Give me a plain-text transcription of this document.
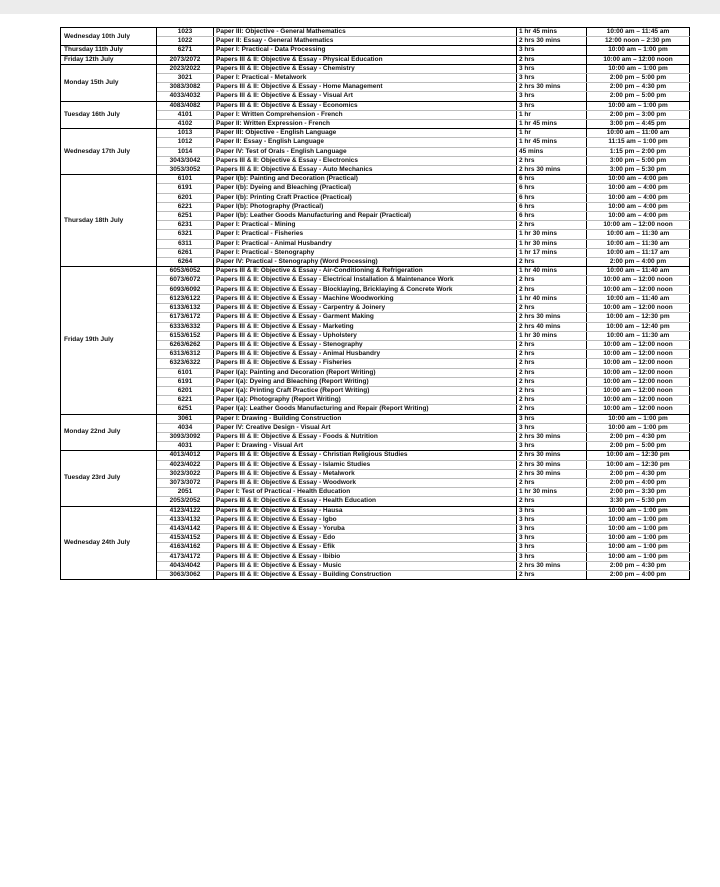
Wednesday 10th July	1023	Paper III: Objective - General Mathematics	1 hr 45 mins	10:00 am – 11:45 am
	1022	Paper II: Essay - General Mathematics	2 hrs 30 mins	12:00 noon – 2:30 pm
Thursday 11th July	6271	Paper I: Practical - Data Processing	3 hrs	10:00 am – 1:00 pm
Friday 12th July	2073/2072	Papers III & II: Objective & Essay - Physical Education	2 hrs	10:00 am – 12:00 noon
Monday 15th July	2023/2022	Papers III & II: Objective & Essay - Chemistry	3 hrs	10:00 am – 1:00 pm
	3021	Paper I: Practical - Metalwork	3 hrs	2:00 pm – 5:00 pm
	3083/3082	Papers III & II: Objective & Essay - Home Management	2 hrs 30 mins	2:00 pm – 4:30 pm
	4033/4032	Papers III & II: Objective & Essay - Visual Art	3 hrs	2:00 pm – 5:00 pm
Tuesday 16th July	4083/4082	Papers III & II: Objective & Essay - Economics	3 hrs	10:00 am – 1:00 pm
	4101	Paper I: Written Comprehension - French	1 hr	2:00 pm – 3:00 pm
	4102	Paper II: Written Expression - French	1 hr 45 mins	3:00 pm – 4:45 pm
Wednesday 17th July	1013	Paper III: Objective - English Language	1 hr	10:00 am – 11:00 am
	1012	Paper II: Essay - English Language	1 hr 45 mins	11:15 am – 1:00 pm
	1014	Paper IV: Test of Orals - English Language	45 mins	1:15 pm – 2:00 pm
	3043/3042	Papers III & II: Objective & Essay - Electronics	2 hrs	3:00 pm – 5:00 pm
	3053/3052	Papers III & II: Objective & Essay - Auto Mechanics	2 hrs 30 mins	3:00 pm – 5:30 pm
Thursday 18th July	6101	Paper I(b): Painting and Decoration (Practical)	6 hrs	10:00 am – 4:00 pm
	6191	Paper I(b): Dyeing and Bleaching (Practical)	6 hrs	10:00 am – 4:00 pm
	6201	Paper I(b): Printing Craft Practice (Practical)	6 hrs	10:00 am – 4:00 pm
	6221	Paper I(b): Photography (Practical)	6 hrs	10:00 am – 4:00 pm
	6251	Paper I(b): Leather Goods Manufacturing and Repair (Practical)	6 hrs	10:00 am – 4:00 pm
	6231	Paper I: Practical - Mining	2 hrs	10:00 am – 12:00 noon
	6321	Paper I: Practical - Fisheries	1 hr 30 mins	10:00 am – 11:30 am
	6311	Paper I: Practical - Animal Husbandry	1 hr 30 mins	10:00 am – 11:30 am
	6261	Paper I: Practical - Stenography	1 hr 17 mins	10:00 am – 11:17 am
	6264	Paper IV: Practical - Stenography (Word Processing)	2 hrs	2:00 pm – 4:00 pm
Friday 19th July	6053/6052	Papers III & II: Objective & Essay - Air-Conditioning & Refrigeration	1 hr 40 mins	10:00 am – 11:40 am
	6073/6072	Papers III & II: Objective & Essay - Electrical Installation & Maintenance Work	2 hrs	10:00 am – 12:00 noon
	6093/6092	Papers III & II: Objective & Essay - Blocklaying, Bricklaying & Concrete Work	2 hrs	10:00 am – 12:00 noon
	6123/6122	Papers III & II: Objective & Essay - Machine Woodworking	1 hr 40 mins	10:00 am – 11:40 am
	6133/6132	Papers III & II: Objective & Essay - Carpentry & Joinery	2 hrs	10:00 am – 12:00 noon
	6173/6172	Papers III & II: Objective & Essay - Garment Making	2 hrs 30 mins	10:00 am – 12:30 pm
	6333/6332	Papers III & II: Objective & Essay - Marketing	2 hrs 40 mins	10:00 am – 12:40 pm
	6153/6152	Papers III & II: Objective & Essay - Upholstery	1 hr 30 mins	10:00 am – 11:30 am
	6263/6262	Papers III & II: Objective & Essay - Stenography	2 hrs	10:00 am – 12:00 noon
	6313/6312	Papers III & II: Objective & Essay - Animal Husbandry	2 hrs	10:00 am – 12:00 noon
	6323/6322	Papers III & II: Objective & Essay - Fisheries	2 hrs	10:00 am – 12:00 noon
	6101	Paper I(a): Painting and Decoration (Report Writing)	2 hrs	10:00 am – 12:00 noon
	6191	Paper I(a): Dyeing and Bleaching (Report Writing)	2 hrs	10:00 am – 12:00 noon
	6201	Paper I(a): Printing Craft Practice (Report Writing)	2 hrs	10:00 am – 12:00 noon
	6221	Paper I(a): Photography (Report Writing)	2 hrs	10:00 am – 12:00 noon
	6251	Paper I(a): Leather Goods Manufacturing and Repair (Report Writing)	2 hrs	10:00 am – 12:00 noon
Monday 22nd July	3061	Paper I: Drawing - Building Construction	3 hrs	10:00 am – 1:00 pm
	4034	Paper IV: Creative Design - Visual Art	3 hrs	10:00 am – 1:00 pm
	3093/3092	Papers III & II: Objective & Essay - Foods & Nutrition	2 hrs 30 mins	2:00 pm – 4:30 pm
	4031	Paper I: Drawing - Visual Art	3 hrs	2:00 pm – 5:00 pm
Tuesday 23rd July	4013/4012	Papers III & II: Objective & Essay - Christian Religious Studies	2 hrs 30 mins	10:00 am – 12:30 pm
	4023/4022	Papers III & II: Objective & Essay - Islamic Studies	2 hrs 30 mins	10:00 am – 12:30 pm
	3023/3022	Papers III & II: Objective & Essay - Metalwork	2 hrs 30 mins	2:00 pm – 4:30 pm
	3073/3072	Papers III & II: Objective & Essay - Woodwork	2 hrs	2:00 pm – 4:00 pm
	2051	Paper I: Test of Practical - Health Education	1 hr 30 mins	2:00 pm – 3:30 pm
	2053/2052	Papers III & II: Objective & Essay - Health Education	2 hrs	3:30 pm – 5:30 pm
Wednesday 24th July	4123/4122	Papers III & II: Objective & Essay - Hausa	3 hrs	10:00 am – 1:00 pm
	4133/4132	Papers III & II: Objective & Essay - Igbo	3 hrs	10:00 am – 1:00 pm
	4143/4142	Papers III & II: Objective & Essay - Yoruba	3 hrs	10:00 am – 1:00 pm
	4153/4152	Papers III & II: Objective & Essay - Edo	3 hrs	10:00 am – 1:00 pm
	4163/4162	Papers III & II: Objective & Essay - Efik	3 hrs	10:00 am – 1:00 pm
	4173/4172	Papers III & II: Objective & Essay - Ibibio	3 hrs	10:00 am – 1:00 pm
	4043/4042	Papers III & II: Objective & Essay - Music	2 hrs 30 mins	2:00 pm – 4:30 pm
	3063/3062	Papers III & II: Objective & Essay - Building Construction	2 hrs	2:00 pm – 4:00 pm
